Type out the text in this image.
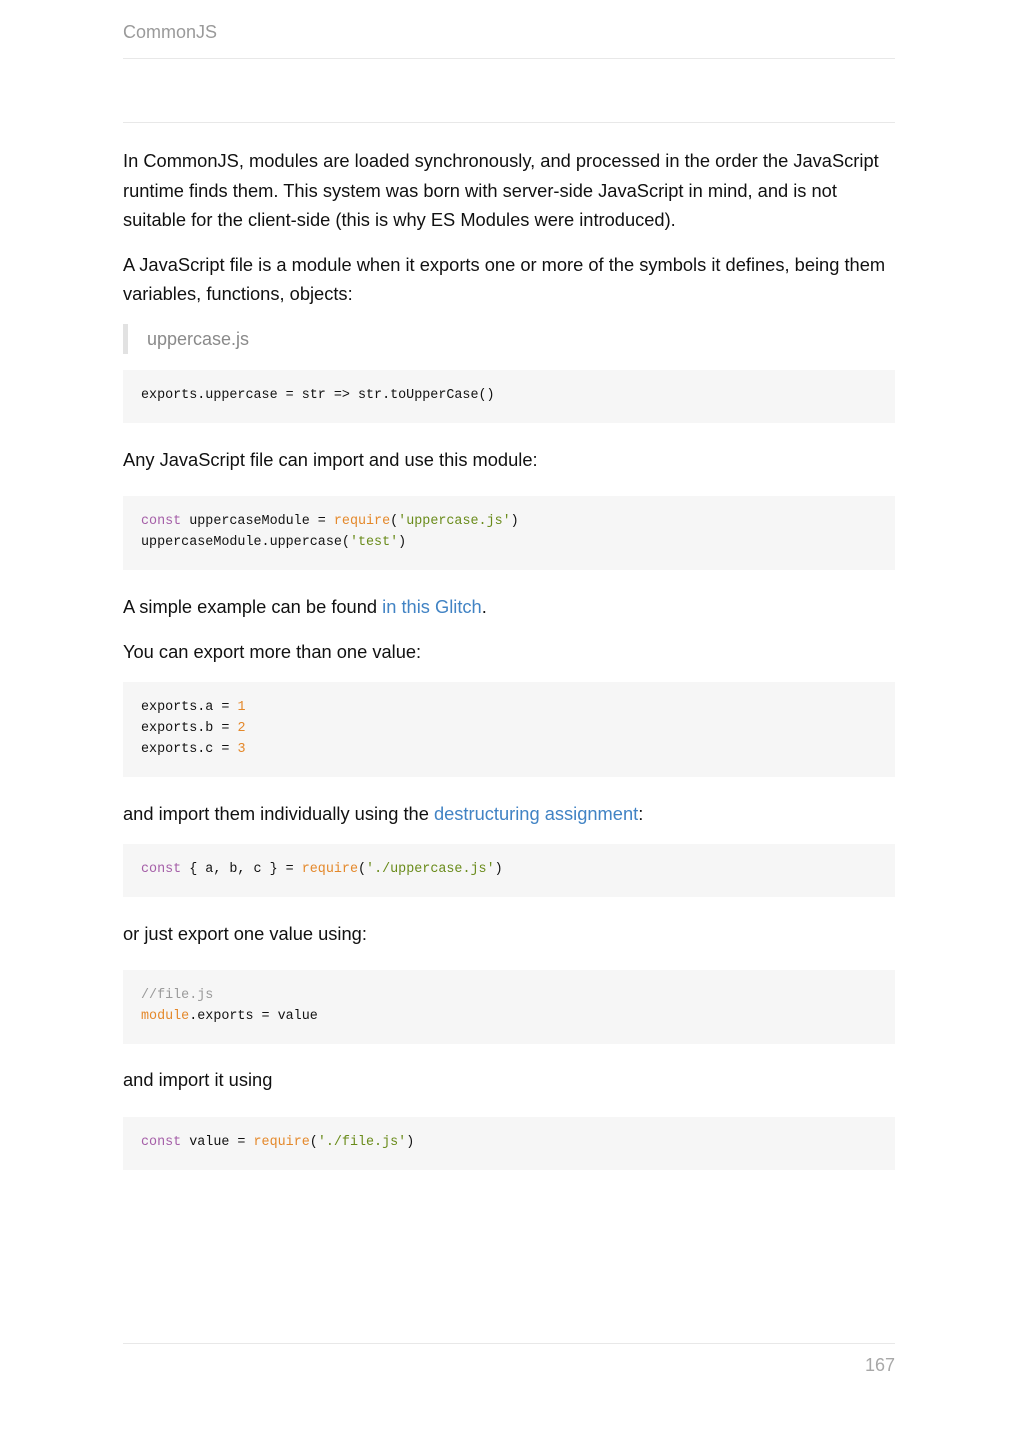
CommonJS

In CommonJS, modules are loaded synchronously, and processed in the order the JavaScript runtime finds them. This system was born with server-side JavaScript in mind, and is not suitable for the client-side (this is why ES Modules were introduced).

A JavaScript file is a module when it exports one or more of the symbols it defines, being them variables, functions, objects:

uppercase.js
exports.uppercase = str => str.toUpperCase()

Any JavaScript file can import and use this module:

const uppercaseModule = require('uppercase.js')
uppercaseModule.uppercase('test')

A simple example can be found in this Glitch.

You can export more than one value:

exports.a = 1
exports.b = 2
exports.c = 3

and import them individually using the destructuring assignment:

const { a, b, c } = require('./uppercase.js')

or just export one value using:

//file.js
module.exports = value

and import it using

const value = require('./file.js')
167
